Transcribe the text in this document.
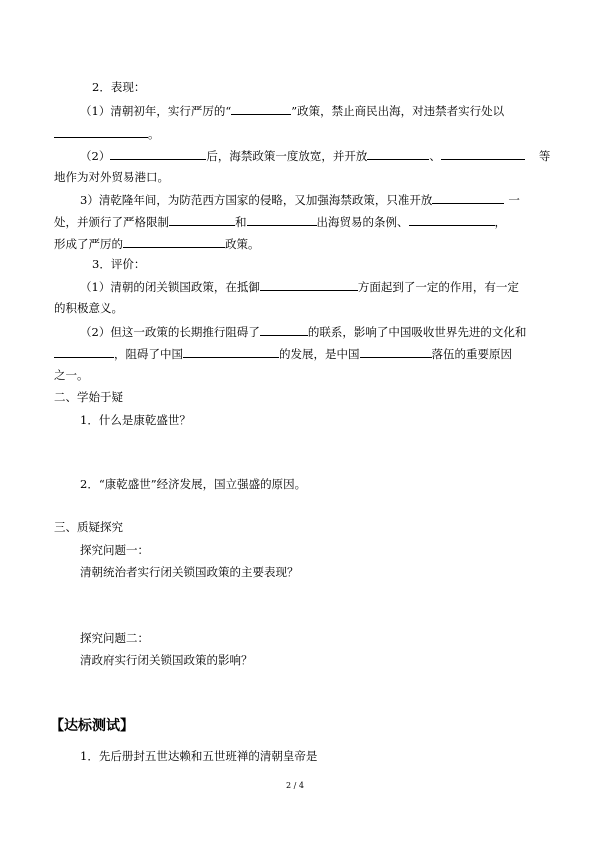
2．表现：
（1）清朝初年，实行严厉的“	”政策，禁止商民出海，对违禁者实行处以
。
（2）	后，海禁政策一度放宽，并开放	、	等
地作为对外贸易港口。
3）清乾隆年间，为防范西方国家的侵略，又加强海禁政策，只准开放	一
处，并颁行了严格限制	和	出海贸易的条例、	，
形成了严厉的	政策。
3．评价：
（1）清朝的闭关锁国政策，在抵御	方面起到了一定的作用，有一定
的积极意义。
（2）但这一政策的长期推行阻碍了	的联系，影响了中国吸收世界先进的文化和
，阻碍了中国	的发展，是中国	落伍的重要原因
之一。
二、学始于疑
1．什么是康乾盛世？
2．“康乾盛世”经济发展，国立强盛的原因。
三、质疑探究
探究问题一：
清朝统治者实行闭关锁国政策的主要表现？
探究问题二：
清政府实行闭关锁国政策的影响？
【达标测试】
1．先后册封五世达赖和五世班禅的清朝皇帝是
2 / 4
